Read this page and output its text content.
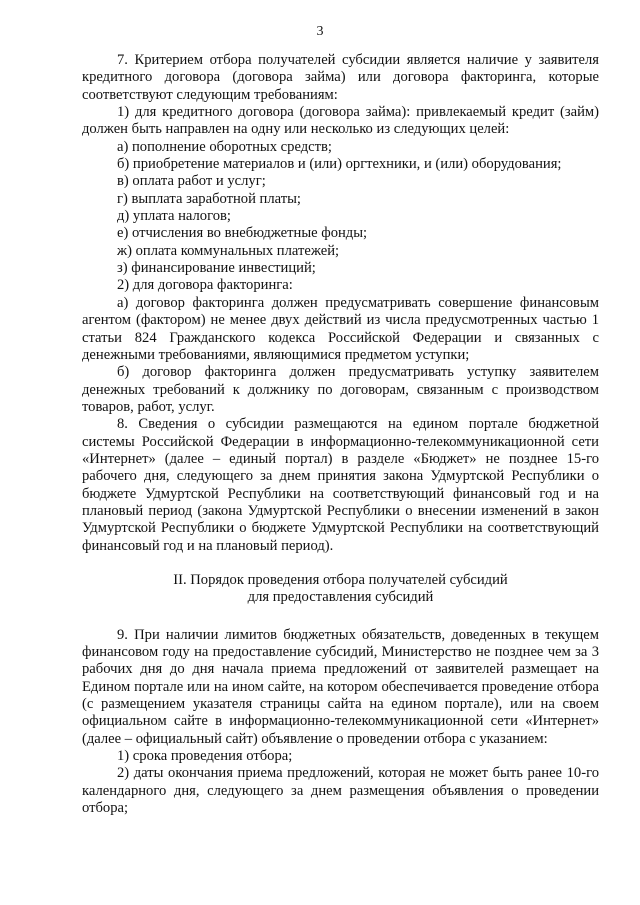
3

7. Критерием отбора получателей субсидии является наличие у заявителя кредитного договора (договора займа) или договора факторинга, которые соответствуют следующим требованиям:

1) для кредитного договора (договора займа): привлекаемый кредит (займ) должен быть направлен на одну или несколько из следующих целей:

а) пополнение оборотных средств;

б) приобретение материалов и (или) оргтехники, и (или) оборудования;

в) оплата работ и услуг;

г) выплата заработной платы;

д) уплата налогов;

е) отчисления во внебюджетные фонды;

ж) оплата коммунальных платежей;

з) финансирование инвестиций;

2) для договора факторинга:

а) договор факторинга должен предусматривать совершение финансовым агентом (фактором) не менее двух действий из числа предусмотренных частью 1 статьи 824 Гражданского кодекса Российской Федерации и связанных с денежными требованиями, являющимися предметом уступки;

б) договор факторинга должен предусматривать уступку заявителем денежных требований к должнику по договорам, связанным с производством товаров, работ, услуг.

8. Сведения о субсидии размещаются на едином портале бюджетной системы Российской Федерации в информационно-телекоммуникационной сети «Интернет» (далее – единый портал) в разделе «Бюджет» не позднее 15-го рабочего дня, следующего за днем принятия закона Удмуртской Республики о бюджете Удмуртской Республики на соответствующий финансовый год и на плановый период (закона Удмуртской Республики о внесении изменений в закон Удмуртской Республики о бюджете Удмуртской Республики на соответствующий финансовый год и на плановый период).

II. Порядок проведения отбора получателей субсидий
для предоставления субсидий

9. При наличии лимитов бюджетных обязательств, доведенных в текущем финансовом году на предоставление субсидий, Министерство не позднее чем за 3 рабочих дня до дня начала приема предложений от заявителей размещает на Едином портале или на ином сайте, на котором обеспечивается проведение отбора (с размещением указателя страницы сайта на едином портале), или на своем официальном сайте в информационно-телекоммуникационной сети «Интернет» (далее – официальный сайт) объявление о проведении отбора с указанием:

1) срока проведения отбора;

2) даты окончания приема предложений, которая не может быть ранее 10-го календарного дня, следующего за днем размещения объявления о проведении отбора;
